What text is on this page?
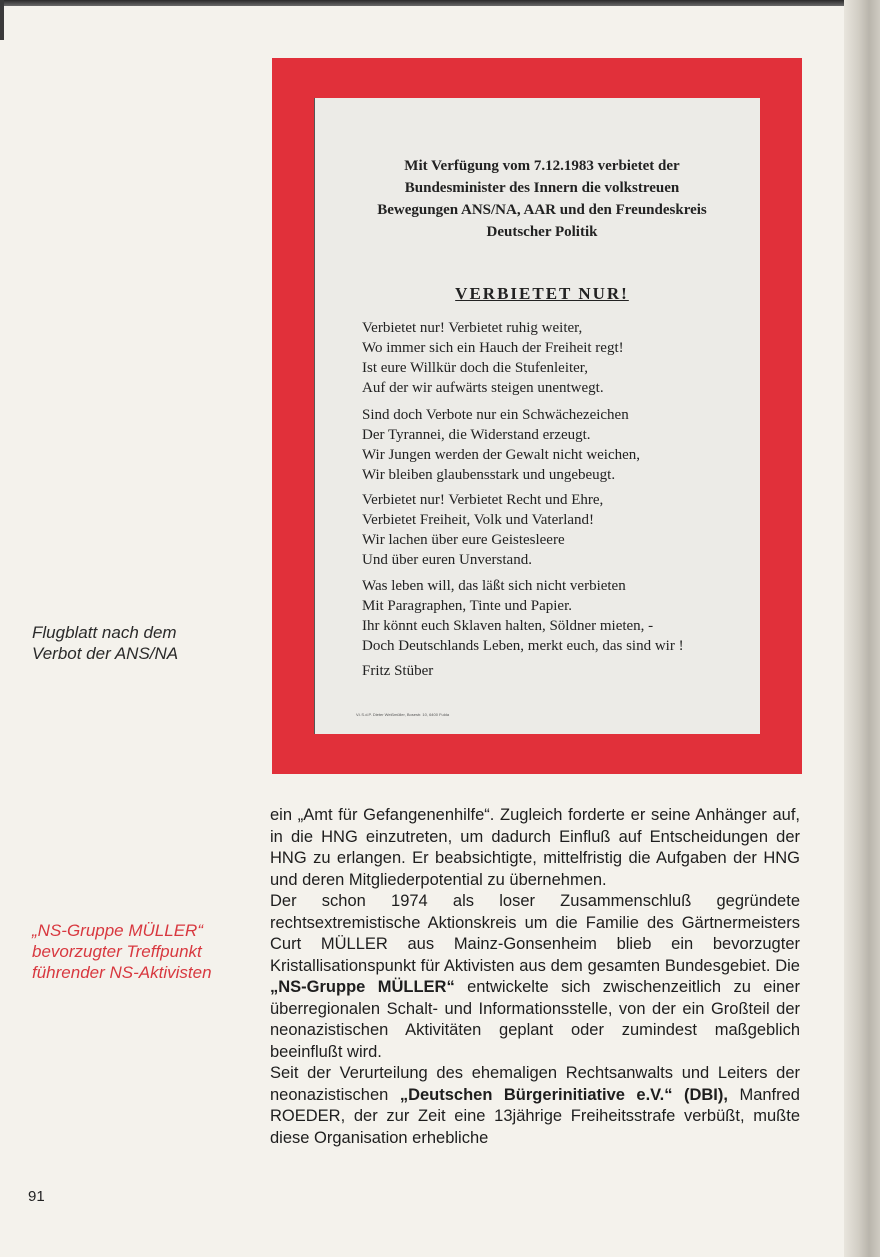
Flugblatt nach dem
Verbot der ANS/NA
„NS-Gruppe MÜLLER“
bevorzugter Treffpunkt
führender NS-Aktivisten
91
Mit Verfügung vom 7.12.1983 verbietet der
Bundesminister des Innern die volkstreuen
Bewegungen ANS/NA, AAR und den Freundeskreis
Deutscher Politik
VERBIETET NUR!
Verbietet nur! Verbietet ruhig weiter,
Wo immer sich ein Hauch der Freiheit regt!
Ist eure Willkür doch die Stufenleiter,
Auf der wir aufwärts steigen unentwegt.
Sind doch Verbote nur ein Schwächezeichen
Der Tyrannei, die Widerstand erzeugt.
Wir Jungen werden der Gewalt nicht weichen,
Wir bleiben glaubensstark und ungebeugt.
Verbietet nur! Verbietet Recht und Ehre,
Verbietet Freiheit, Volk und Vaterland!
Wir lachen über eure Geistesleere
Und über euren Unverstand.
Was leben will, das läßt sich nicht verbieten
Mit Paragraphen, Tinte und Papier.
Ihr könnt euch Sklaven halten, Söldner mieten, -
Doch Deutschlands Leben, merkt euch, das sind wir !
Fritz Stüber
V.i.S.d.P. Dieter Weißmüller, Bosestr. 10, 6400 Fulda

ein „Amt für Gefangenenhilfe“. Zugleich forderte er seine Anhänger auf, in die HNG einzutreten, um dadurch Einfluß auf Entscheidungen der HNG zu erlangen. Er beabsichtigte, mittelfristig die Aufgaben der HNG und deren Mitgliederpotential zu übernehmen.

Der schon 1974 als loser Zusammenschluß gegründete rechtsextremistische Aktionskreis um die Familie des Gärtnermeisters Curt MÜLLER aus Mainz-Gonsenheim blieb ein bevorzugter Kristallisationspunkt für Aktivisten aus dem gesamten Bundesgebiet. Die „NS-Gruppe MÜLLER“ entwickelte sich zwischenzeitlich zu einer überregionalen Schalt- und Informationsstelle, von der ein Großteil der neonazistischen Aktivitäten geplant oder zumindest maßgeblich beeinflußt wird.

Seit der Verurteilung des ehemaligen Rechtsanwalts und Leiters der neonazistischen „Deutschen Bürgerinitiative e.V.“ (DBI), Manfred ROEDER, der zur Zeit eine 13jährige Freiheitsstrafe verbüßt, mußte diese Organisation erhebliche
